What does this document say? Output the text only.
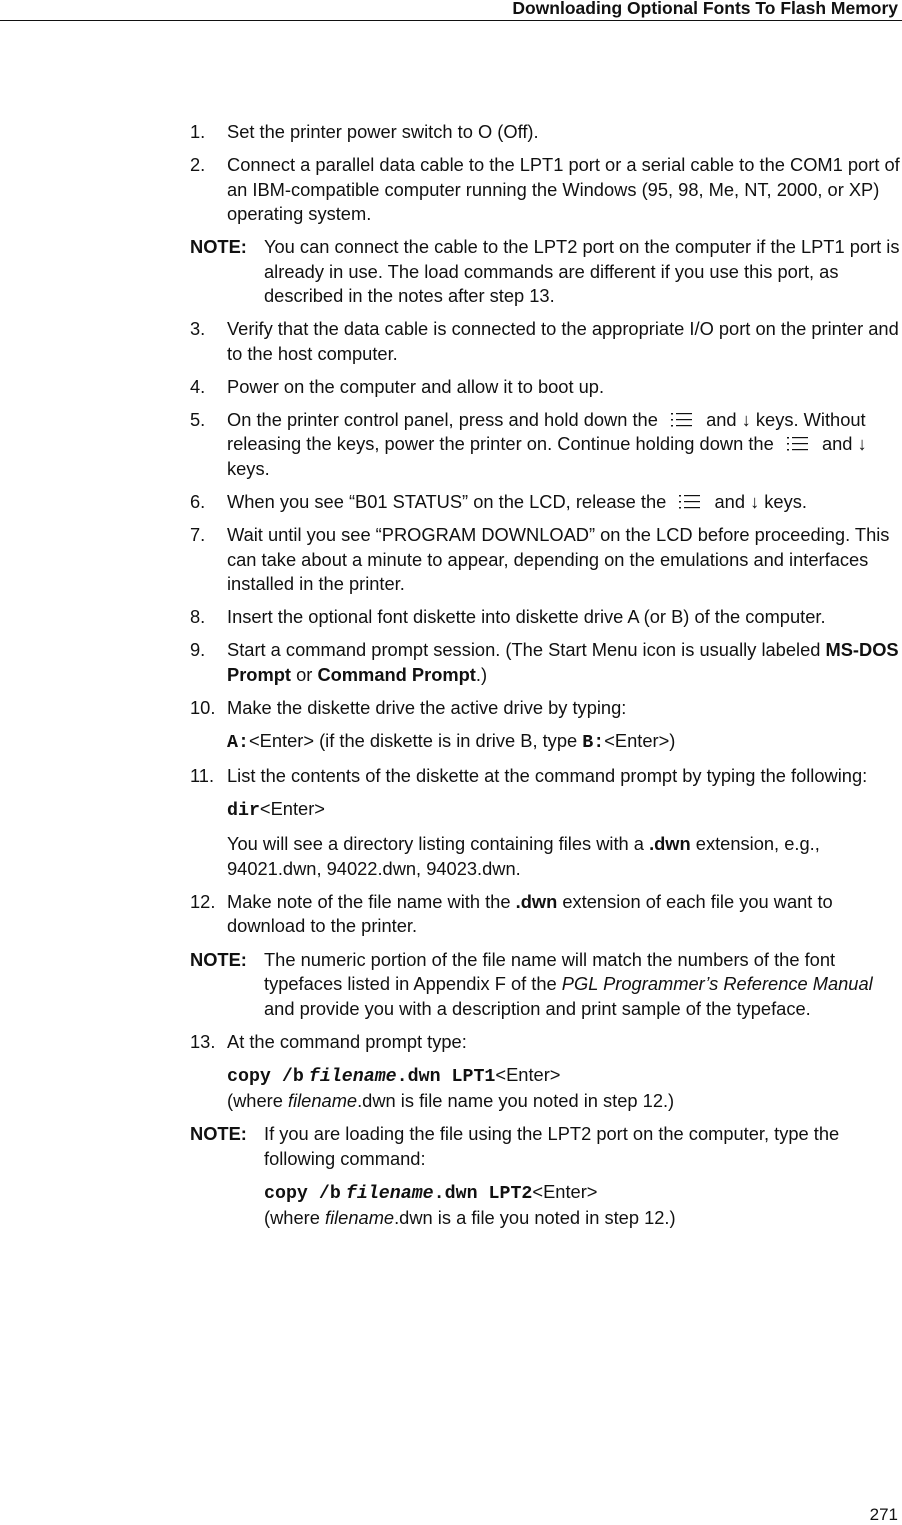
Downloading Optional Fonts To Flash Memory
1. Set the printer power switch to O (Off).
2. Connect a parallel data cable to the LPT1 port or a serial cable to the COM1 port of an IBM-compatible computer running the Windows (95, 98, Me, NT, 2000, or XP) operating system.
NOTE: You can connect the cable to the LPT2 port on the computer if the LPT1 port is already in use. The load commands are different if you use this port, as described in the notes after step 13.
3. Verify that the data cable is connected to the appropriate I/O port on the printer and to the host computer.
4. Power on the computer and allow it to boot up.
5. On the printer control panel, press and hold down the	and ↓ keys. Without releasing the keys, power the printer on. Continue holding down the	and ↓ keys.
6. When you see “B01 STATUS” on the LCD, release the	and ↓ keys.
7. Wait until you see “PROGRAM DOWNLOAD” on the LCD before proceeding. This can take about a minute to appear, depending on the emulations and interfaces installed in the printer.
8. Insert the optional font diskette into diskette drive A (or B) of the computer.
9. Start a command prompt session. (The Start Menu icon is usually labeled MS-DOS Prompt or Command Prompt.)
10. Make the diskette drive the active drive by typing:
A:<Enter> (if the diskette is in drive B, type B:<Enter>)
11. List the contents of the diskette at the command prompt by typing the following:
dir<Enter>
You will see a directory listing containing files with a .dwn extension, e.g., 94021.dwn, 94022.dwn, 94023.dwn.
12. Make note of the file name with the .dwn extension of each file you want to download to the printer.
NOTE: The numeric portion of the file name will match the numbers of the font typefaces listed in Appendix F of the PGL Programmer’s Reference Manual and provide you with a description and print sample of the typeface.
13. At the command prompt type:
copy /b filename.dwn LPT1<Enter>
(where filename.dwn is file name you noted in step 12.)
NOTE: If you are loading the file using the LPT2 port on the computer, type the following command:
copy /b filename.dwn LPT2<Enter>
(where filename.dwn is a file you noted in step 12.)
271
